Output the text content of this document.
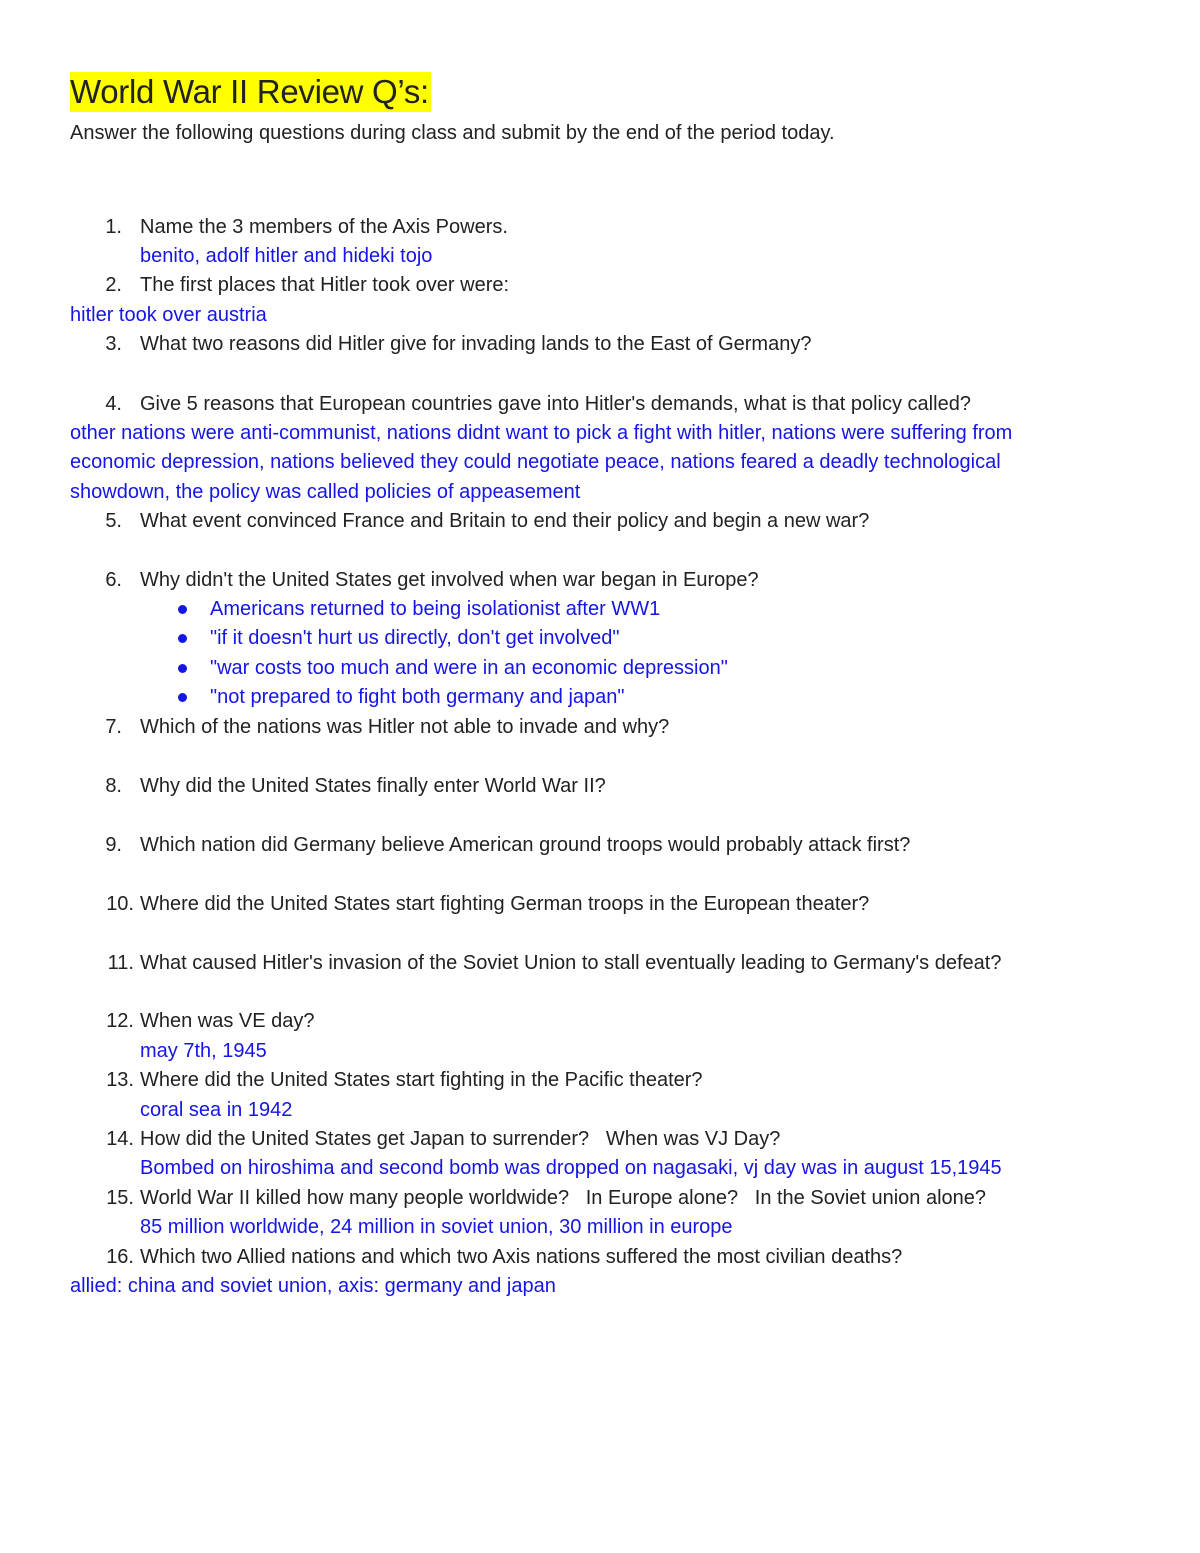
World War II Review Q’s:

Answer the following questions during class and submit by the end of the period today.

1. Name the 3 members of the Axis Powers.
benito, adolf hitler and hideki tojo
2. The first places that Hitler took over were:
hitler took over austria
3. What two reasons did Hitler give for invading lands to the East of Germany?
4. Give 5 reasons that European countries gave into Hitler's demands, what is that policy called?
other nations were anti-communist, nations didnt want to pick a fight with hitler, nations were suffering from
economic depression, nations believed they could negotiate peace, nations feared a deadly technological
showdown, the policy was called policies of appeasement
5. What event convinced France and Britain to end their policy and begin a new war?
6. Why didn't the United States get involved when war began in Europe?
Americans returned to being isolationist after WW1
"if it doesn't hurt us directly, don't get involved"
"war costs too much and were in an economic depression"
"not prepared to fight both germany and japan"
7. Which of the nations was Hitler not able to invade and why?
8. Why did the United States finally enter World War II?
9. Which nation did Germany believe American ground troops would probably attack first?
10. Where did the United States start fighting German troops in the European theater?
11. What caused Hitler's invasion of the Soviet Union to stall eventually leading to Germany's defeat?
12. When was VE day?
may 7th, 1945
13. Where did the United States start fighting in the Pacific theater?
coral sea in 1942
14. How did the United States get Japan to surrender?   When was VJ Day?
Bombed on hiroshima and second bomb was dropped on nagasaki, vj day was in august 15,1945
15. World War II killed how many people worldwide?   In Europe alone?   In the Soviet union alone?
85 million worldwide, 24 million in soviet union, 30 million in europe
16. Which two Allied nations and which two Axis nations suffered the most civilian deaths?
allied: china and soviet union, axis: germany and japan
